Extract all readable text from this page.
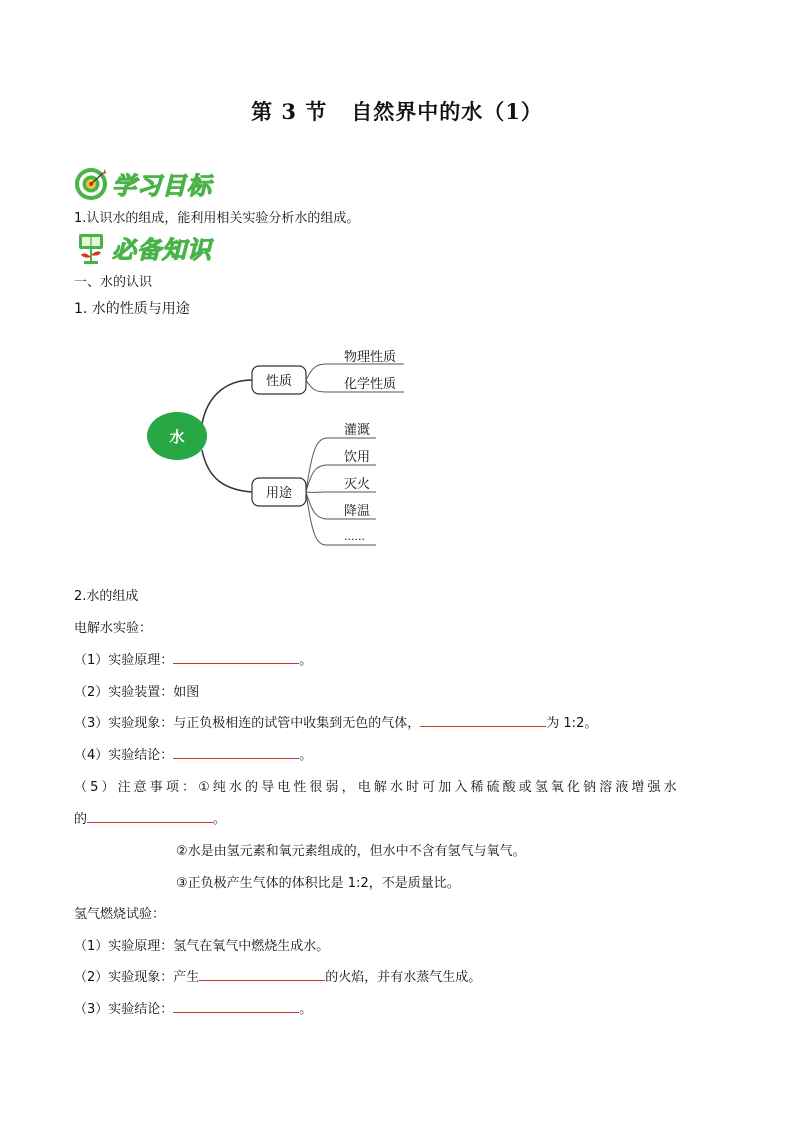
第 3 节 自然界中的水（1）
学习目标
1.认识水的组成，能利用相关实验分析水的组成。
必备知识
一、水的认识
1. 水的性质与用途
水
性质
用途
物理性质
化学性质
灌溉
饮用
灭火
降温
......
2.水的组成
电解水实验：
（1）实验原理：	。
（2）实验装置：如图
（3）实验现象：与正负极相连的试管中收集到无色的气体，	为 1:2。
（4）实验结论：	。
（5）注意事项：①纯水的导电性很弱，电解水时可加入稀硫酸或氢氧化钠溶液增强水
的	。
②水是由氢元素和氧元素组成的，但水中不含有氢气与氧气。
③正负极产生气体的体积比是 1:2，不是质量比。
氢气燃烧试验：
（1）实验原理：氢气在氧气中燃烧生成水。
（2）实验现象：产生	的火焰，并有水蒸气生成。
（3）实验结论：	。
